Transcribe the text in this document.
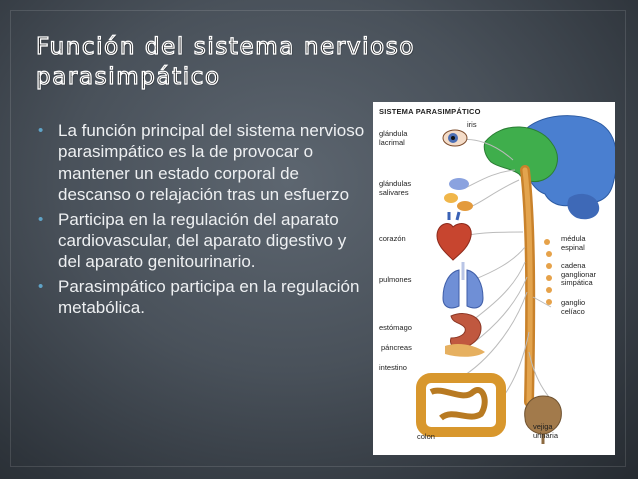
Función del sistema nervioso parasimpático
• La función principal del sistema nervioso parasimpático es la de provocar o mantener un estado corporal de descanso o relajación tras un esfuerzo
• Participa en la regulación del aparato cardiovascular, del aparato digestivo y del aparato genitourinario.
• Parasimpático participa en la regulación metabólica.
SISTEMA PARASIMPÁTICO
iris
glándula
lacrimal
glándulas
salivares
corazón
pulmones
estómago
páncreas
intestino
colon
vejiga
urinaria
médula
espinal
cadena
ganglionar
simpática
ganglio
celíaco
